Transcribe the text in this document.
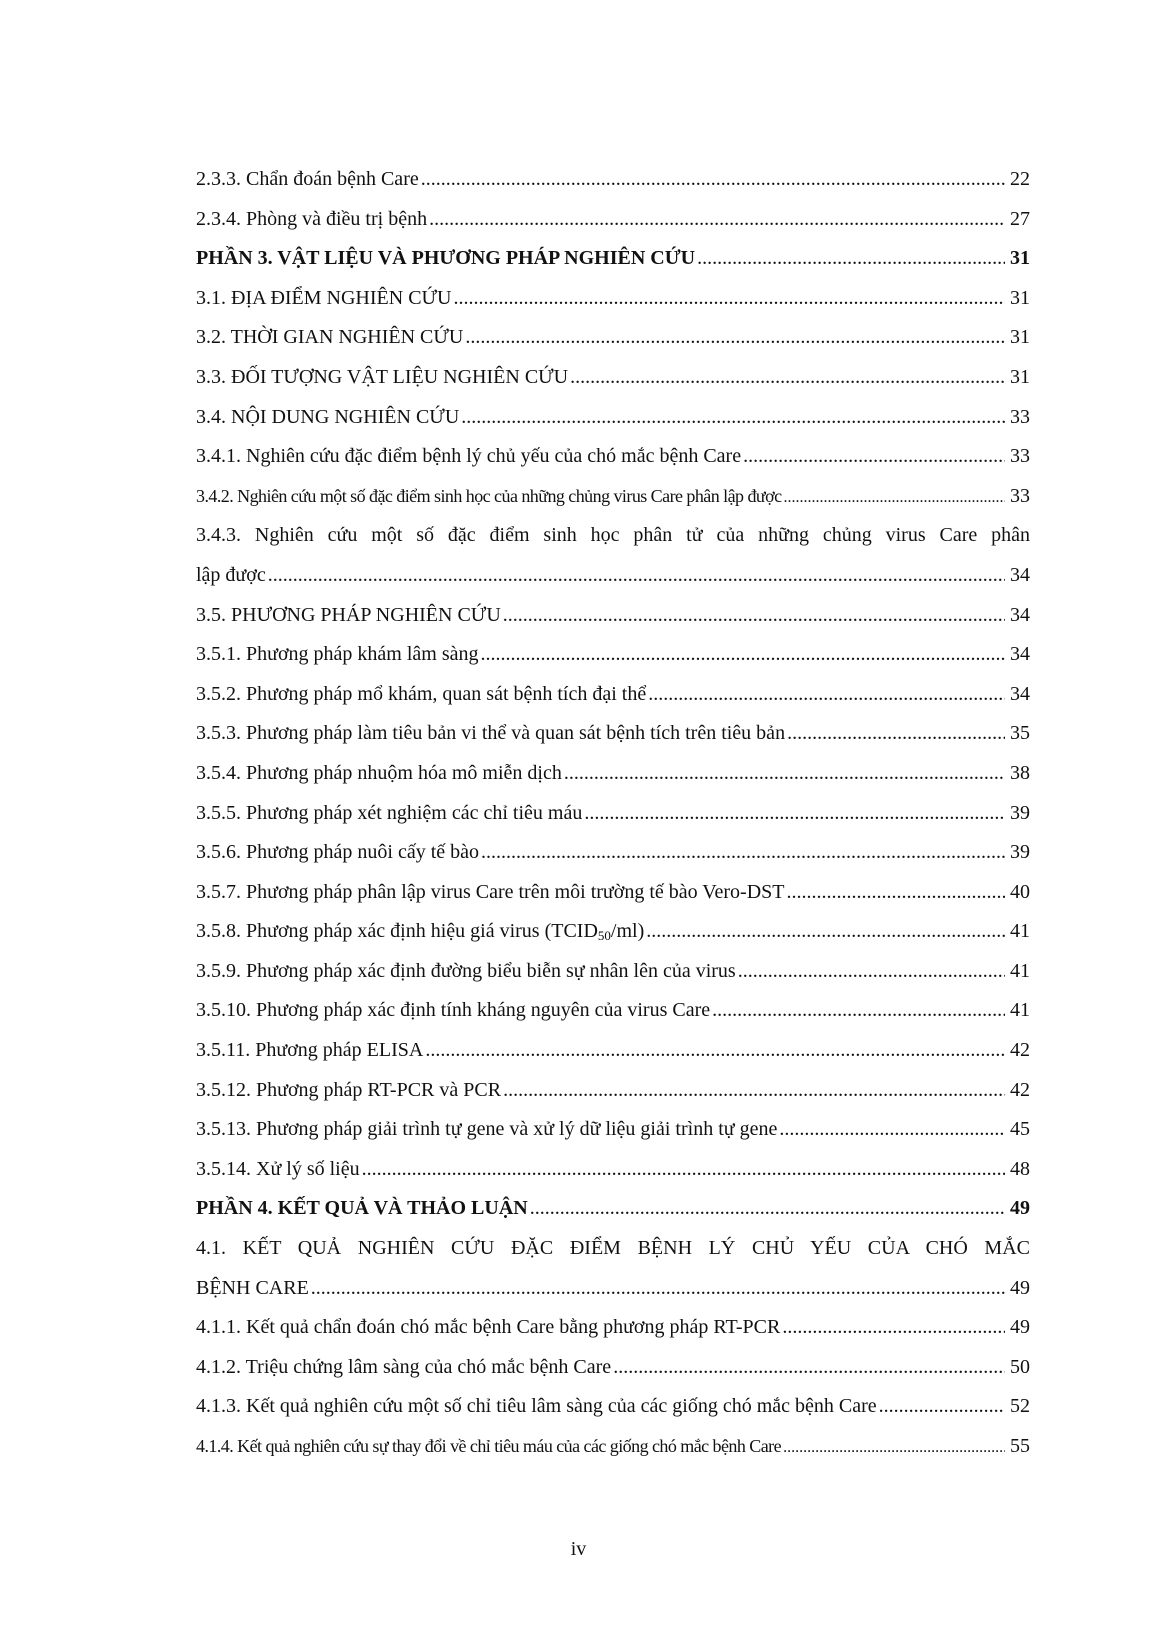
2.3.3. Chẩn đoán bệnh Care .....	22
2.3.4. Phòng và điều trị bệnh .....	27
PHẦN 3. VẬT LIỆU VÀ PHƯƠNG PHÁP NGHIÊN CỨU .....	31
3.1. ĐỊA ĐIỂM NGHIÊN CỨU .....	31
3.2. THỜI GIAN NGHIÊN CỨU .....	31
3.3. ĐỐI TƯỢNG VẬT LIỆU NGHIÊN CỨU .....	31
3.4. NỘI DUNG NGHIÊN CỨU .....	33
3.4.1. Nghiên cứu đặc điểm bệnh lý chủ yếu của chó mắc bệnh Care .....	33
3.4.2. Nghiên cứu một số đặc điểm sinh học của những chủng virus Care phân lập được .....	33
3.4.3. Nghiên cứu một số đặc điểm sinh học phân tử của những chủng virus Care phân
lập được .....	34
3.5. PHƯƠNG PHÁP NGHIÊN CỨU .....	34
3.5.1. Phương pháp khám lâm sàng .....	34
3.5.2. Phương pháp mổ khám, quan sát bệnh tích đại thể .....	34
3.5.3. Phương pháp làm tiêu bản vi thể và quan sát bệnh tích trên tiêu bản .....	35
3.5.4. Phương pháp nhuộm hóa mô miễn dịch .....	38
3.5.5. Phương pháp xét nghiệm các chỉ tiêu máu .....	39
3.5.6. Phương pháp nuôi cấy tế bào .....	39
3.5.7. Phương pháp phân lập virus Care trên môi trường tế bào Vero-DST .....	40
3.5.8. Phương pháp xác định hiệu giá virus $(TCID_{50}/ml)$ .....	41
3.5.9. Phương pháp xác định đường biểu biễn sự nhân lên của virus .....	41
3.5.10. Phương pháp xác định tính kháng nguyên của virus Care .....	41
3.5.11. Phương pháp ELISA .....	42
3.5.12. Phương pháp RT-PCR và PCR .....	42
3.5.13. Phương pháp giải trình tự gene và xử lý dữ liệu giải trình tự gene .....	45
3.5.14. Xử lý số liệu .....	48
PHẦN 4. KẾT QUẢ VÀ THẢO LUẬN .....	49
4.1. KẾT QUẢ NGHIÊN CỨU ĐẶC ĐIỂM BỆNH LÝ CHỦ YẾU CỦA CHÓ MẮC
BỆNH CARE .....	49
4.1.1. Kết quả chẩn đoán chó mắc bệnh Care bằng phương pháp RT-PCR .....	49
4.1.2. Triệu chứng lâm sàng của chó mắc bệnh Care .....	50
4.1.3. Kết quả nghiên cứu một số chỉ tiêu lâm sàng của các giống chó mắc bệnh Care .....	52
4.1.4. Kết quả nghiên cứu sự thay đổi về chỉ tiêu máu của các giống chó mắc bệnh Care .....	55
iv
